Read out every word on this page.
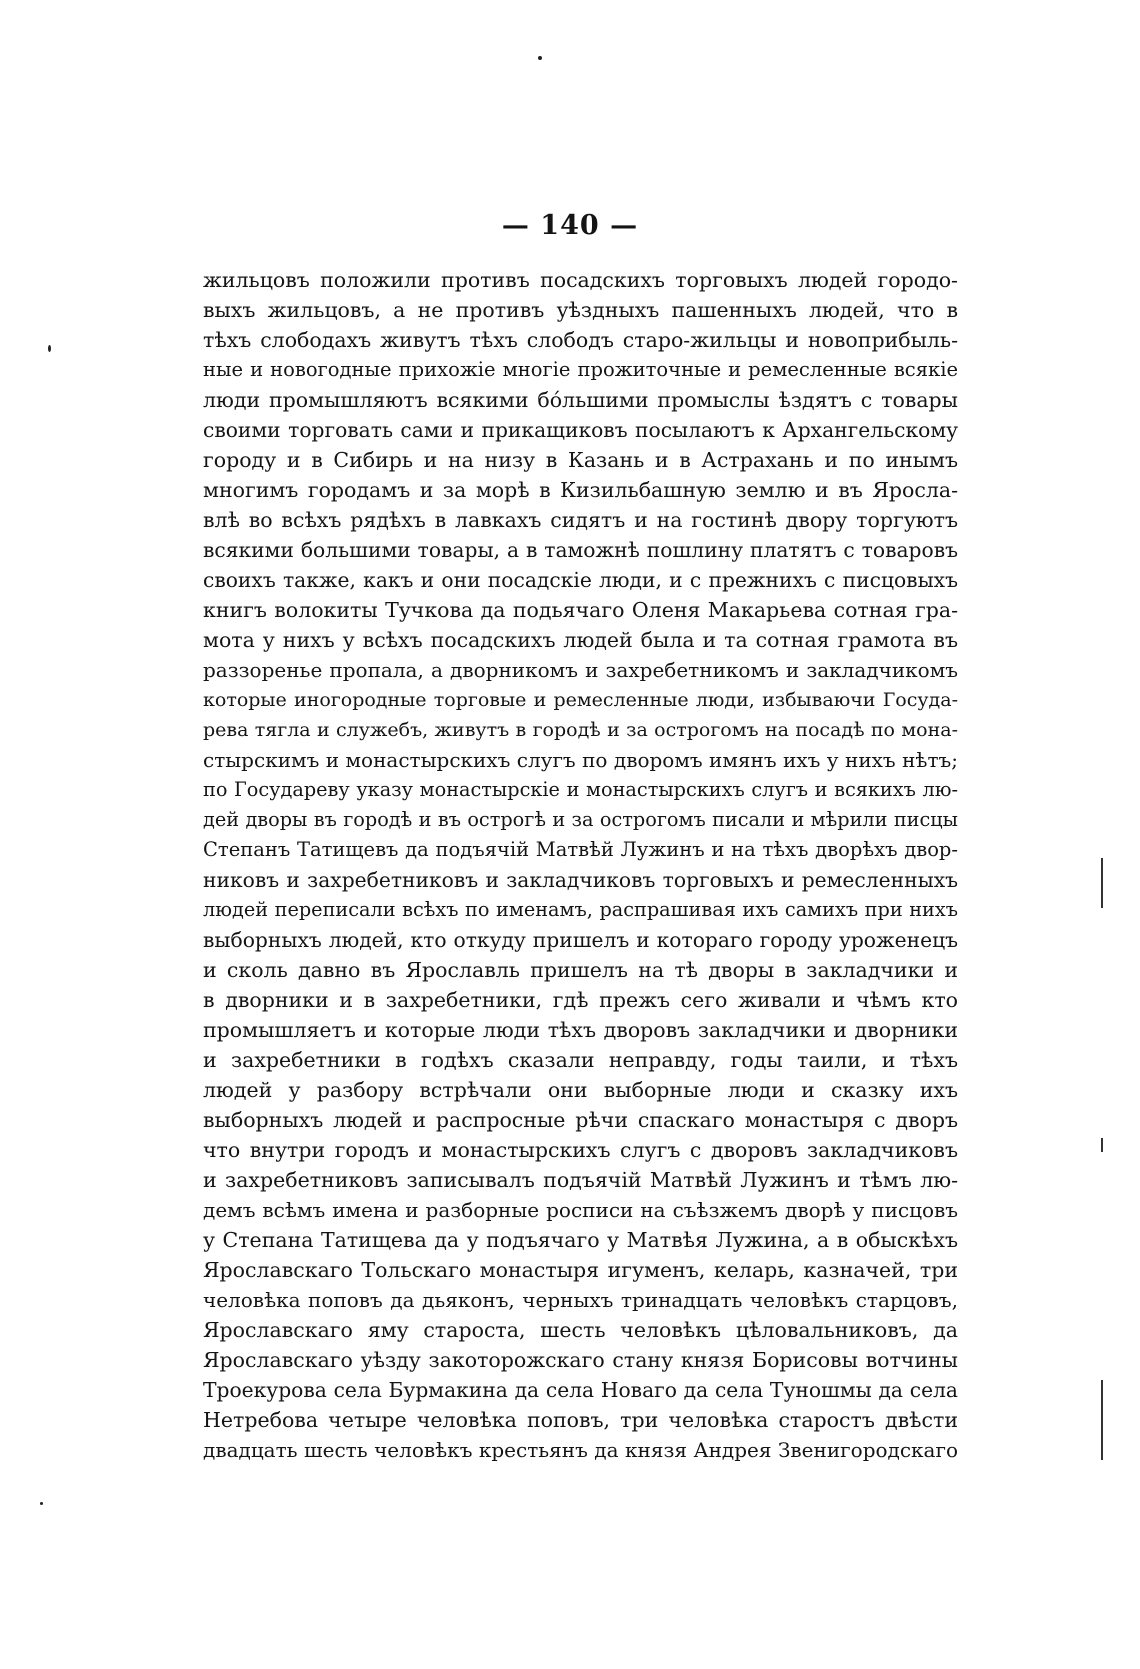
— 140 —
жильцовъ положили противъ посадскихъ торговыхъ людей городо-
выхъ жильцовъ, а не противъ уѣздныхъ пашенныхъ людей, что в
тѣхъ слободахъ живутъ тѣхъ слободъ старо-жильцы и новоприбыль-
ные и новогодные прихожіе многіе прожиточные и ремесленные всякіе
люди промышляютъ всякими бо́льшими промыслы ѣздятъ с товары
своими торговать сами и прикащиковъ посылаютъ к Архангельскому
городу и в Сибирь и на низу в Казань и в Астрахань и по инымъ
многимъ городамъ и за морѣ в Кизильбашную землю и въ Яросла-
влѣ во всѣхъ рядѣхъ в лавкахъ сидятъ и на гостинѣ двору торгуютъ
всякими большими товары, а в таможнѣ пошлину платятъ с товаровъ
своихъ также, какъ и они посадскіе люди, и с прежнихъ с писцовыхъ
книгъ волокиты Тучкова да подьячаго Оленя Макарьева сотная гра-
мота у нихъ у всѣхъ посадскихъ людей была и та сотная грамота въ
раззоренье пропала, а дворникомъ и захребетникомъ и закладчикомъ
которые иногородные торговые и ремесленные люди, избываючи Госуда-
рева тягла и служебъ, живутъ в городѣ и за острогомъ на посадѣ по мона-
стырскимъ и монастырскихъ слугъ по дворомъ имянъ ихъ у нихъ нѣтъ;
по Государеву указу монастырскіе и монастырскихъ слугъ и всякихъ лю-
дей дворы въ городѣ и въ острогѣ и за острогомъ писали и мѣрили писцы
Степанъ Татищевъ да подъячій Матвѣй Лужинъ и на тѣхъ дворѣхъ двор-
никовъ и захребетниковъ и закладчиковъ торговыхъ и ремесленныхъ
людей переписали всѣхъ по именамъ, распрашивая ихъ самихъ при нихъ
выборныхъ людей, кто откуду пришелъ и котораго городу уроженецъ
и сколь давно въ Ярославль пришелъ на тѣ дворы в закладчики и
в дворники и в захребетники, гдѣ прежъ сего живали и чѣмъ кто
промышляетъ и которые люди тѣхъ дворовъ закладчики и дворники
и захребетники в годѣхъ сказали неправду, годы таили, и тѣхъ
людей у разбору встрѣчали они выборные люди и сказку ихъ
выборныхъ людей и распросные рѣчи спаскаго монастыря с дворъ
что внутри городъ и монастырскихъ слугъ с дворовъ закладчиковъ
и захребетниковъ записывалъ подъячій Матвѣй Лужинъ и тѣмъ лю-
демъ всѣмъ имена и разборные росписи на съѣзжемъ дворѣ у писцовъ
у Степана Татищева да у подъячаго у Матвѣя Лужина, а в обыскѣхъ
Ярославскаго Тольскаго монастыря игуменъ, келарь, казначей, три
человѣка поповъ да дьяконъ, черныхъ тринадцать человѣкъ старцовъ,
Ярославскаго яму староста, шесть человѣкъ цѣловальниковъ, да
Ярославскаго уѣзду закоторожскаго стану князя Борисовы вотчины
Троекурова села Бурмакина да села Новаго да села Туношмы да села
Нетребова четыре человѣка поповъ, три человѣка старостъ двѣсти
двадцать шесть человѣкъ крестьянъ да князя Андрея Звенигородскаго
